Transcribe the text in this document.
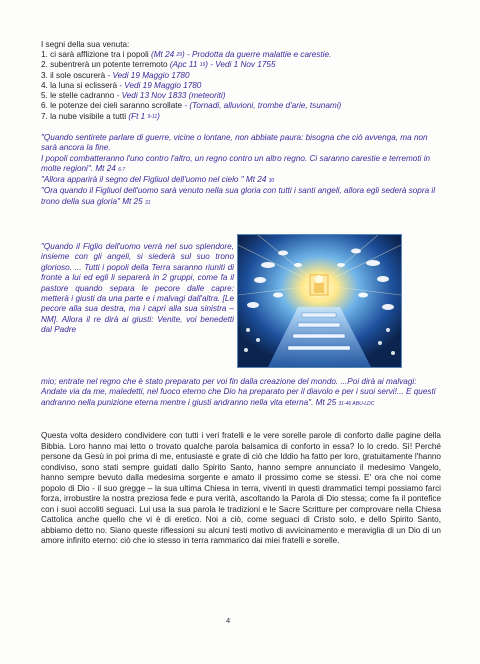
I segni della sua venuta:
1. ci sarà afflizione tra i popoli (Mt 24 $^{29}$) - Prodotta da guerre malattie e carestie.
2. subentrerà un potente terremoto (Apc 11 $^{19}$) - Vedi 1 Nov 1755
3. il sole oscurerà - Vedi 19 Maggio 1780
4. la luna si eclisserà - Vedi 19 Maggio 1780
5. le stelle cadranno - Vedi 13 Nov 1833 (meteoriti)
6. le potenze dei cieli saranno scrollate - (Tornadi, alluvioni, trombe d'arie, tsunami)
7. la nube visibile a tutti (Ft 1 $^{9-11}$)
"Quando sentirete parlare di guerre, vicine o lontane, non abbiate paura: bisogna che ciò avvenga, ma non sarà ancora la fine.
I popoli combatteranno l'uno contro l'altro, un regno contro un altro regno. Ci saranno carestie e terremoti in molte regioni". Mt 24 6.7
"Allora apparirà il segno del Figliuol dell'uomo nel cielo " Mt 24 30
"Ora quando il Figliuol dell'uomo sarà venuto nella sua gloria con tutti i santi angeli, allora egli sederà sopra il trono della sua gloria" Mt 25 31
"Quando il Figlio dell'uomo verrà nel suo splendore, insieme con gli angeli, si siederà sul suo trono glorioso. ... Tutti i popoli della Terra saranno riuniti di fronte a lui ed egli li separerà in 2 gruppi, come fa il pastore quando separa le pecore dalle capre: metterà i giusti da una parte e i malvagi dall'altra. [Le pecore alla sua destra, ma i capri alla sua sinistra – NM]. Allora il re dirà ai giusti: Venite, voi benedetti dal Padre
mio; entrate nel regno che è stato preparato per voi fin dalla creazione del mondo. ...Poi dirà ai malvagi: Andate via da me, maledetti, nel fuoco eterno che Dio ha preparato per il diavolo e per i suoi servi!... E questi andranno nella punizione eterna mentre i giusti andranno nella vita eterna". Mt 25 31-46 ABU-LDC
Questa volta desidero condividere con tutti i veri fratelli e le vere sorelle parole di conforto dalle pagine della Bibbia. Loro hanno mai letto o trovato qualche parola balsamica di conforto in essa? Io lo credo. Sì! Perché persone da Gesù in poi prima di me, entusiaste e grate di ciò che Iddio ha fatto per loro, gratuitamente l'hanno condiviso, sono stati sempre guidati dallo Spirito Santo, hanno sempre annunciato il medesimo Vangelo, hanno sempre bevuto dalla medesima sorgente e amato il prossimo come se stessi. E' ora che noi come popolo di Dio - il suo gregge – la sua ultima Chiesa in terra, viventi in questi drammatici tempi possiamo farci forza, irrobustire la nostra preziosa fede e pura verità, ascoltando la Parola di Dio stessa; come fa il pontefice con i suoi accoliti seguaci. Lui usa la sua parola le tradizioni e le Sacre Scritture per comprovare nella Chiesa Cattolica anche quello che vi è di eretico. Noi a ciò, come seguaci di Cristo solo, e dello Spirito Santo, abbiamo detto no. Siano queste riflessioni su alcuni testi motivo di avvicinamento e meraviglia di un Dio di un amore infinito eterno: ciò che io stesso in terra rammarico dai miei fratelli e sorelle.
4
